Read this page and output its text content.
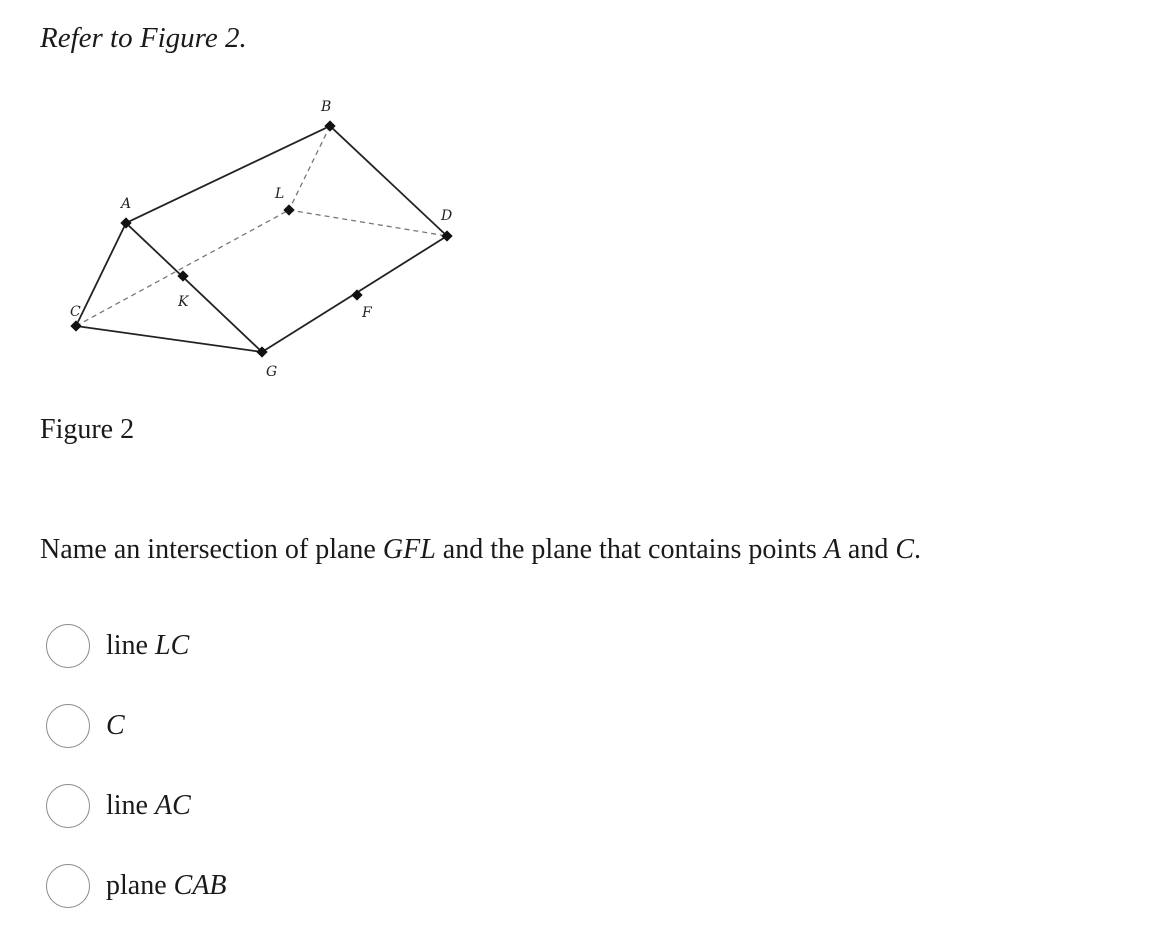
Refer to Figure 2.

A
B
C
D
F
G
K
L

Figure 2

Name an intersection of plane GFL and the plane that contains points A and C.

line LC
C
line AC
plane CAB
